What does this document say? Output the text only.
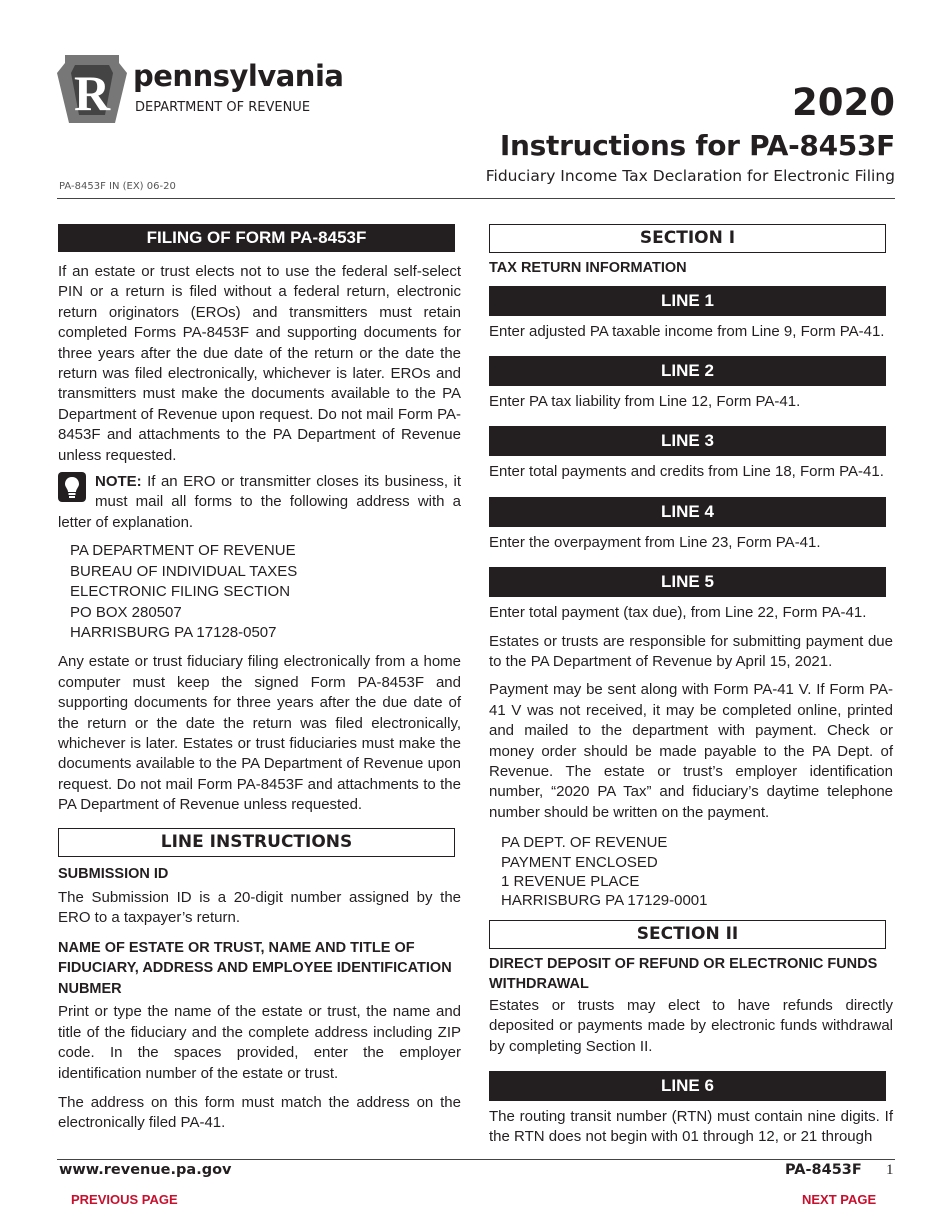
R pennsylvania
DEPARTMENT OF REVENUE	2020
Instructions for PA-8453F
Fiduciary Income Tax Declaration for Electronic Filing
PA-8453F IN (EX) 06-20
FILING OF FORM PA-8453F

If an estate or trust elects not to use the federal self-select PIN or a return is filed without a federal return, electronic return originators (EROs) and transmitters must retain completed Forms PA-8453F and supporting documents for three years after the due date of the return or the date the return was filed electronically, whichever is later. EROs and transmitters must make the documents available to the PA Department of Revenue upon request. Do not mail Form PA-8453F and attachments to the PA Department of Revenue unless requested.

NOTE: If an ERO or transmitter closes its business, it must mail all forms to the following address with a letter of explanation.

PA DEPARTMENT OF REVENUE
BUREAU OF INDIVIDUAL TAXES
ELECTRONIC FILING SECTION
PO BOX 280507
HARRISBURG PA 17128-0507

Any estate or trust fiduciary filing electronically from a home computer must keep the signed Form PA-8453F and supporting documents for three years after the due date of the return or the date the return was filed electronically, whichever is later. Estates or trust fiduciaries must make the documents available to the PA Department of Revenue upon request. Do not mail Form PA-8453F and attachments to the PA Department of Revenue unless requested.

LINE INSTRUCTIONS
SUBMISSION ID

The Submission ID is a 20-digit number assigned by the ERO to a taxpayer’s return.

NAME OF ESTATE OR TRUST, NAME AND TITLE OF FIDUCIARY, ADDRESS AND EMPLOYEE IDENTIFICATION NUBMER

Print or type the name of the estate or trust, the name and title of the fiduciary and the complete address including ZIP code. In the spaces provided, enter the employer identification number of the estate or trust.

The address on this form must match the address on the electronically filed PA-41.

SECTION I
TAX RETURN INFORMATION
LINE 1

Enter adjusted PA taxable income from Line 9, Form PA-41.

LINE 2

Enter PA tax liability from Line 12, Form PA-41.

LINE 3

Enter total payments and credits from Line 18, Form PA-41.

LINE 4

Enter the overpayment from Line 23, Form PA-41.

LINE 5

Enter total payment (tax due), from Line 22, Form PA-41.

Estates or trusts are responsible for submitting payment due to the PA Department of Revenue by April 15, 2021.

Payment may be sent along with Form PA-41 V. If Form PA-41 V was not received, it may be completed online, printed and mailed to the department with payment. Check or money order should be made payable to the PA Dept. of Revenue. The estate or trust’s employer identification number, “2020 PA Tax” and fiduciary’s daytime telephone number should be written on the payment.

PA DEPT. OF REVENUE
PAYMENT ENCLOSED
1 REVENUE PLACE
HARRISBURG PA 17129-0001
SECTION II
DIRECT DEPOSIT OF REFUND OR ELECTRONIC FUNDS WITHDRAWAL

Estates or trusts may elect to have refunds directly deposited or payments made by electronic funds withdrawal by completing Section II.

LINE 6

The routing transit number (RTN) must contain nine digits. If the RTN does not begin with 01 through 12, or 21 through

www.revenue.pa.gov	PA-8453F 1
PREVIOUS PAGE	NEXT PAGE
